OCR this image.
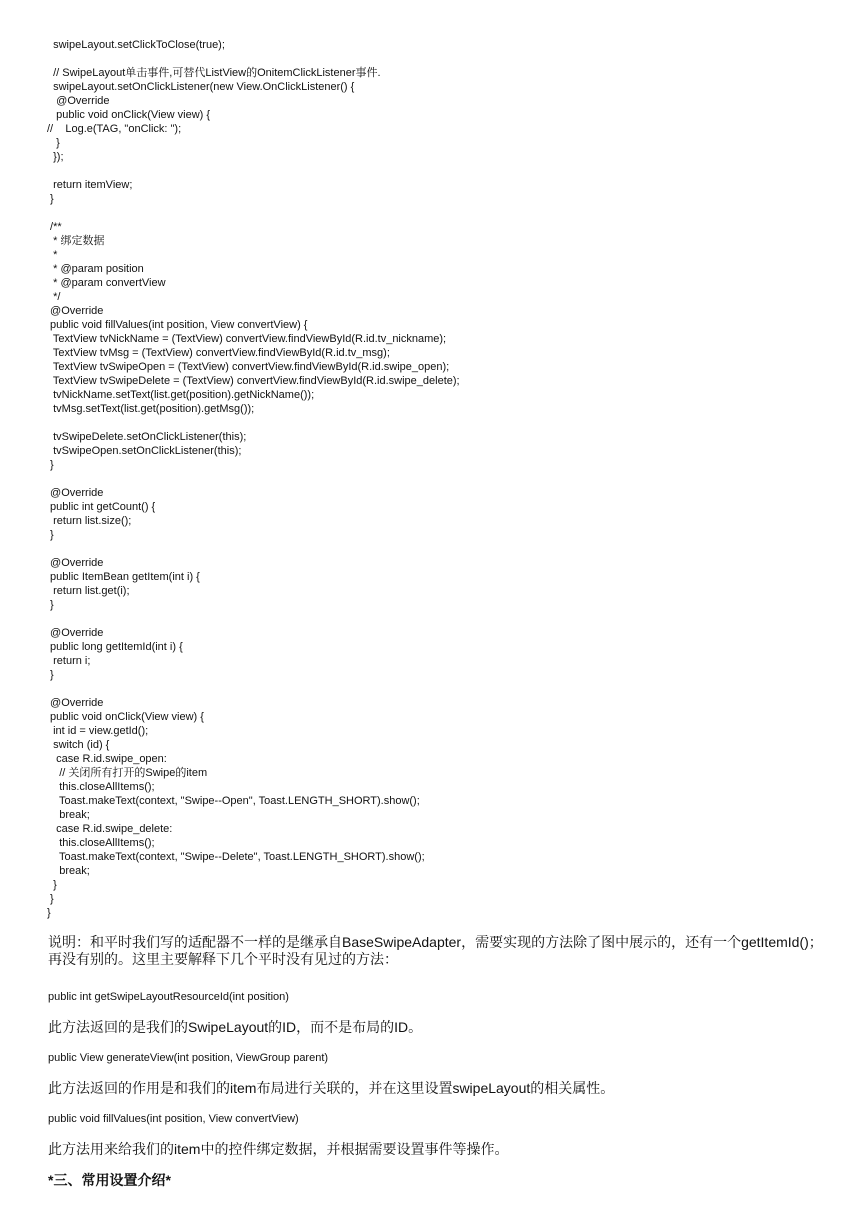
swipeLayout.setClickToClose(true);
// SwipeLayout单击事件,可替代ListView的OnitemClickListener事件.
swipeLayout.setOnClickListener(new View.OnClickListener() {
@Override
public void onClick(View view) {
//    Log.e(TAG, "onClick: ");
}
});
return itemView;
}
/**
* 绑定数据
*
* @param position
* @param convertView
*/
@Override
public void fillValues(int position, View convertView) {
TextView tvNickName = (TextView) convertView.findViewById(R.id.tv_nickname);
TextView tvMsg = (TextView) convertView.findViewById(R.id.tv_msg);
TextView tvSwipeOpen = (TextView) convertView.findViewById(R.id.swipe_open);
TextView tvSwipeDelete = (TextView) convertView.findViewById(R.id.swipe_delete);
tvNickName.setText(list.get(position).getNickName());
tvMsg.setText(list.get(position).getMsg());
tvSwipeDelete.setOnClickListener(this);
tvSwipeOpen.setOnClickListener(this);
}
@Override
public int getCount() {
return list.size();
}
@Override
public ItemBean getItem(int i) {
return list.get(i);
}
@Override
public long getItemId(int i) {
return i;
}
@Override
public void onClick(View view) {
int id = view.getId();
switch (id) {
case R.id.swipe_open:
// 关闭所有打开的Swipe的item
this.closeAllItems();
Toast.makeText(context, "Swipe--Open", Toast.LENGTH_SHORT).show();
break;
case R.id.swipe_delete:
this.closeAllItems();
Toast.makeText(context, "Swipe--Delete", Toast.LENGTH_SHORT).show();
break;
}
}
}

说明：和平时我们写的适配器不一样的是继承自BaseSwipeAdapter，需要实现的方法除了图中展示的，还有一个getItemId()；再没有别的。这里主要解释下几个平时没有见过的方法：

public int getSwipeLayoutResourceId(int position)

此方法返回的是我们的SwipeLayout的ID，而不是布局的ID。

public View generateView(int position, ViewGroup parent)

此方法返回的作用是和我们的item布局进行关联的，并在这里设置swipeLayout的相关属性。

public void fillValues(int position, View convertView)

此方法用来给我们的item中的控件绑定数据，并根据需要设置事件等操作。

*三、常用设置介绍*
